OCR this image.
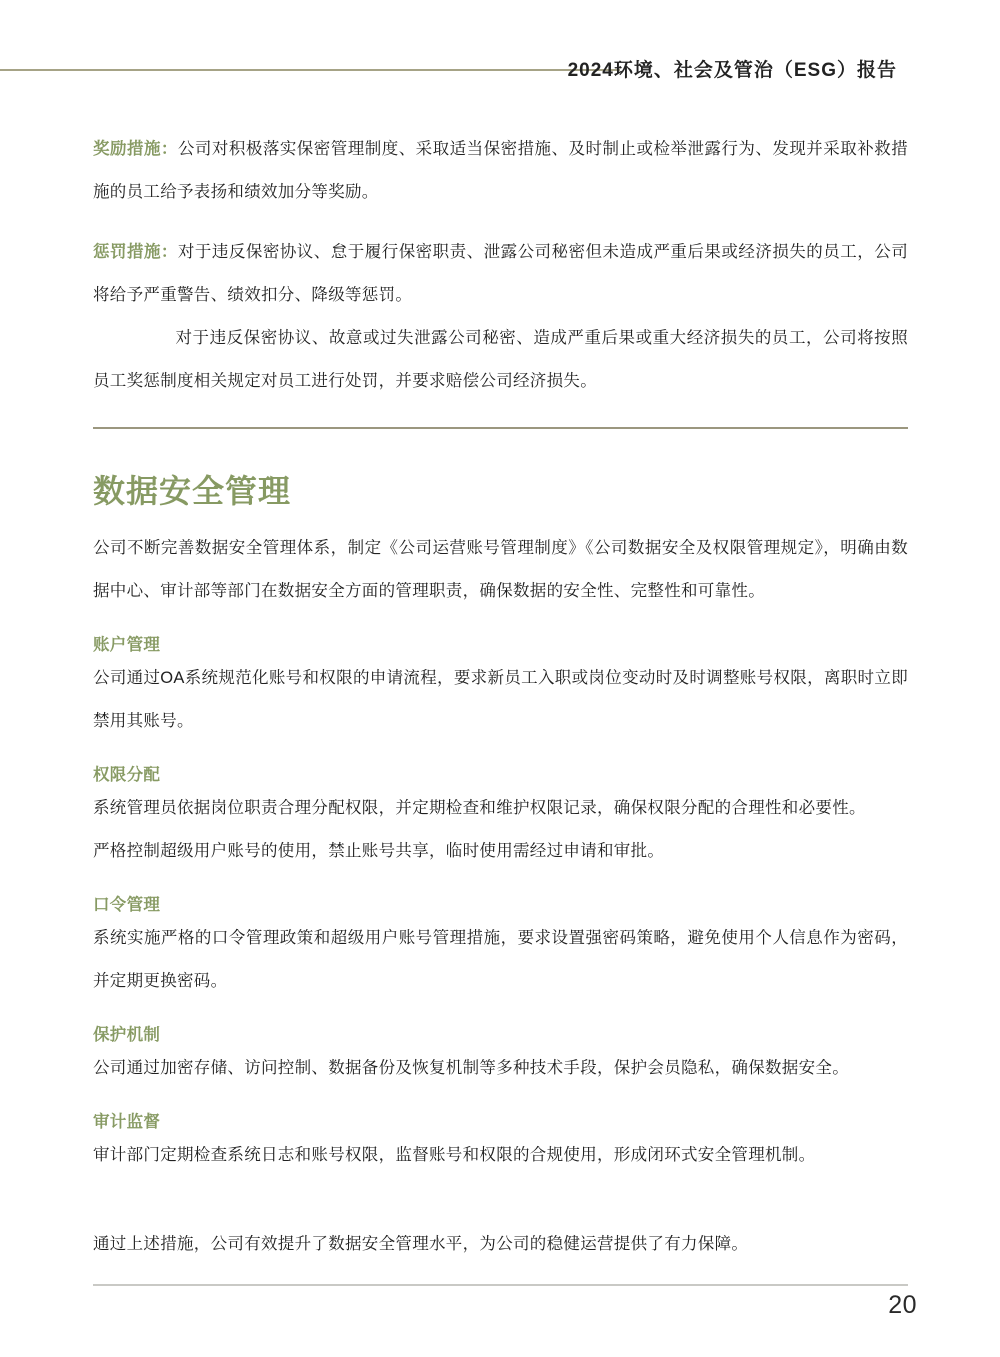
2024环境、社会及管治（ESG）报告

奖励措施：公司对积极落实保密管理制度、采取适当保密措施、及时制止或检举泄露行为、发现并采取补救措施的员工给予表扬和绩效加分等奖励。

惩罚措施：对于违反保密协议、怠于履行保密职责、泄露公司秘密但未造成严重后果或经济损失的员工，公司将给予严重警告、绩效扣分、降级等惩罚。

对于违反保密协议、故意或过失泄露公司秘密、造成严重后果或重大经济损失的员工，公司将按照员工奖惩制度相关规定对员工进行处罚，并要求赔偿公司经济损失。

数据安全管理

公司不断完善数据安全管理体系，制定《公司运营账号管理制度》《公司数据安全及权限管理规定》，明确由数据中心、审计部等部门在数据安全方面的管理职责，确保数据的安全性、完整性和可靠性。

账户管理

公司通过OA系统规范化账号和权限的申请流程，要求新员工入职或岗位变动时及时调整账号权限，离职时立即禁用其账号。

权限分配

系统管理员依据岗位职责合理分配权限，并定期检查和维护权限记录，确保权限分配的合理性和必要性。

严格控制超级用户账号的使用，禁止账号共享，临时使用需经过申请和审批。

口令管理

系统实施严格的口令管理政策和超级用户账号管理措施，要求设置强密码策略，避免使用个人信息作为密码，并定期更换密码。

保护机制

公司通过加密存储、访问控制、数据备份及恢复机制等多种技术手段，保护会员隐私，确保数据安全。

审计监督

审计部门定期检查系统日志和账号权限，监督账号和权限的合规使用，形成闭环式安全管理机制。

通过上述措施，公司有效提升了数据安全管理水平，为公司的稳健运营提供了有力保障。

20
